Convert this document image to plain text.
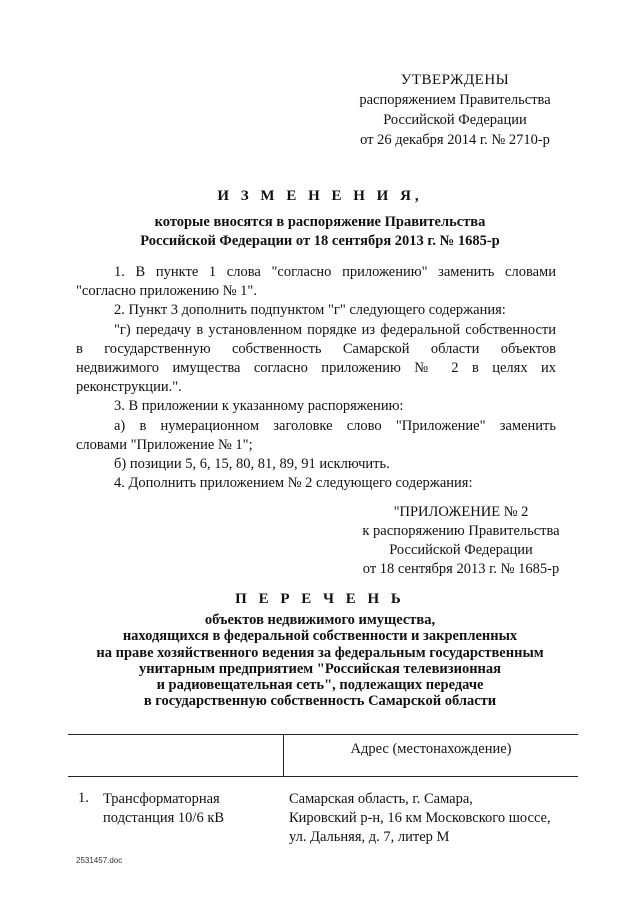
УТВЕРЖДЕНЫ
распоряжением Правительства
Российской Федерации
от 26 декабря 2014 г. № 2710-р
И З М Е Н Е Н И Я,
которые вносятся в распоряжение Правительства
Российской Федерации от 18 сентября 2013 г. № 1685-р

1. В пункте 1 слова "согласно приложению" заменить словами

"согласно приложению № 1".

2. Пункт 3 дополнить подпунктом "г" следующего содержания:

"г) передачу в установленном порядке из федеральной собственности

в государственную собственность Самарской области объектов

недвижимого имущества согласно приложению № 2 в целях их

реконструкции.".

3. В приложении к указанному распоряжению:

а) в нумерационном заголовке слово "Приложение" заменить

словами "Приложение № 1";

б) позиции 5, 6, 15, 80, 81, 89, 91 исключить.

4. Дополнить приложением № 2 следующего содержания:

"ПРИЛОЖЕНИЕ № 2
к распоряжению Правительства
Российской Федерации
от 18 сентября 2013 г. № 1685-р
П Е Р Е Ч Е Н Ь
объектов недвижимого имущества,
находящихся в федеральной собственности и закрепленных
на праве хозяйственного ведения за федеральным государственным
унитарным предприятием "Российская телевизионная
и радиовещательная сеть", подлежащих передаче
в государственную собственность Самарской области
Адрес (местонахождение)
1. Трансформаторная
подстанция 10/6 кВ
Самарская область, г. Самара,
Кировский р-н, 16 км Московского шоссе,
ул. Дальняя, д. 7, литер М
2531457.doc
